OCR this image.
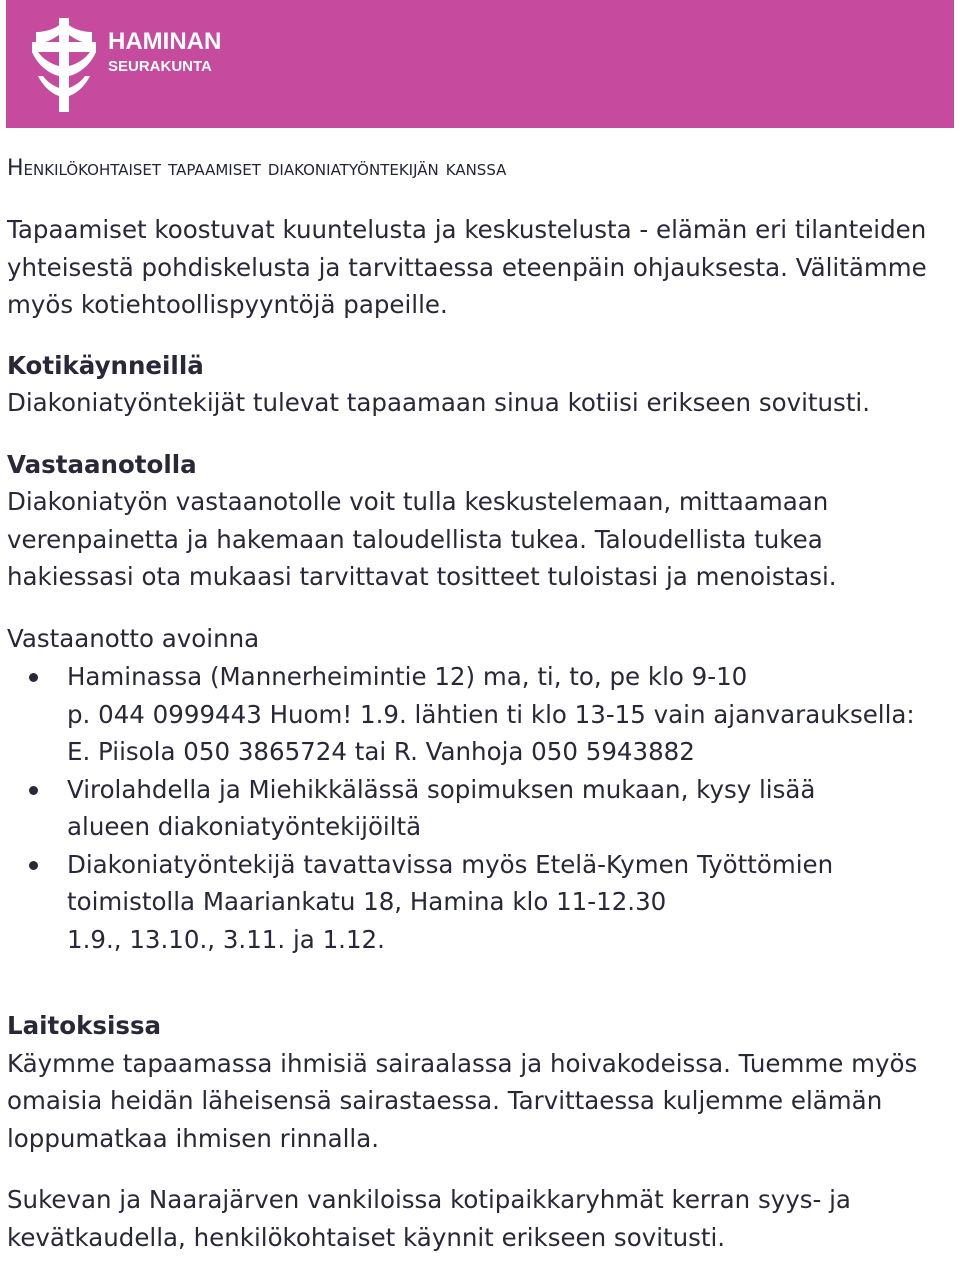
HAMINAN
SEURAKUNTA
Henkilökohtaiset tapaamiset diakoniatyöntekijän kanssa

Tapaamiset koostuvat kuuntelusta ja keskustelusta - elämän eri tilanteiden yhteisestä pohdiskelusta ja tarvittaessa eteenpäin ohjauksesta. Välitämme myös kotiehtoollispyyntöjä papeille.

Kotikäynneillä

Diakoniatyöntekijät tulevat tapaamaan sinua kotiisi erikseen sovitusti.

Vastaanotolla

Diakoniatyön vastaanotolle voit tulla keskustelemaan, mittaamaan verenpainetta ja hakemaan taloudellista tukea. Taloudellista tukea hakiessasi ota mukaasi tarvittavat tositteet tuloistasi ja menoistasi.

Vastaanotto avoinna

Haminassa (Mannerheimintie 12) ma, ti, to, pe klo 9-10
p. 044 0999443 Huom! 1.9. lähtien ti klo 13-15 vain ajanvarauksella:
E. Piisola 050 3865724 tai R. Vanhoja 050 5943882
Virolahdella ja Miehikkälässä sopimuksen mukaan, kysy lisää
alueen diakoniatyöntekijöiltä
Diakoniatyöntekijä tavattavissa myös Etelä-Kymen Työttömien
toimistolla Maariankatu 18, Hamina klo 11-12.30
1.9., 13.10., 3.11. ja 1.12.
Laitoksissa

Käymme tapaamassa ihmisiä sairaalassa ja hoivakodeissa. Tuemme myös omaisia heidän läheisensä sairastaessa. Tarvittaessa kuljemme elämän loppumatkaa ihmisen rinnalla.

Sukevan ja Naarajärven vankiloissa kotipaikkaryhmät kerran syys- ja kevätkaudella, henkilökohtaiset käynnit erikseen sovitusti.
